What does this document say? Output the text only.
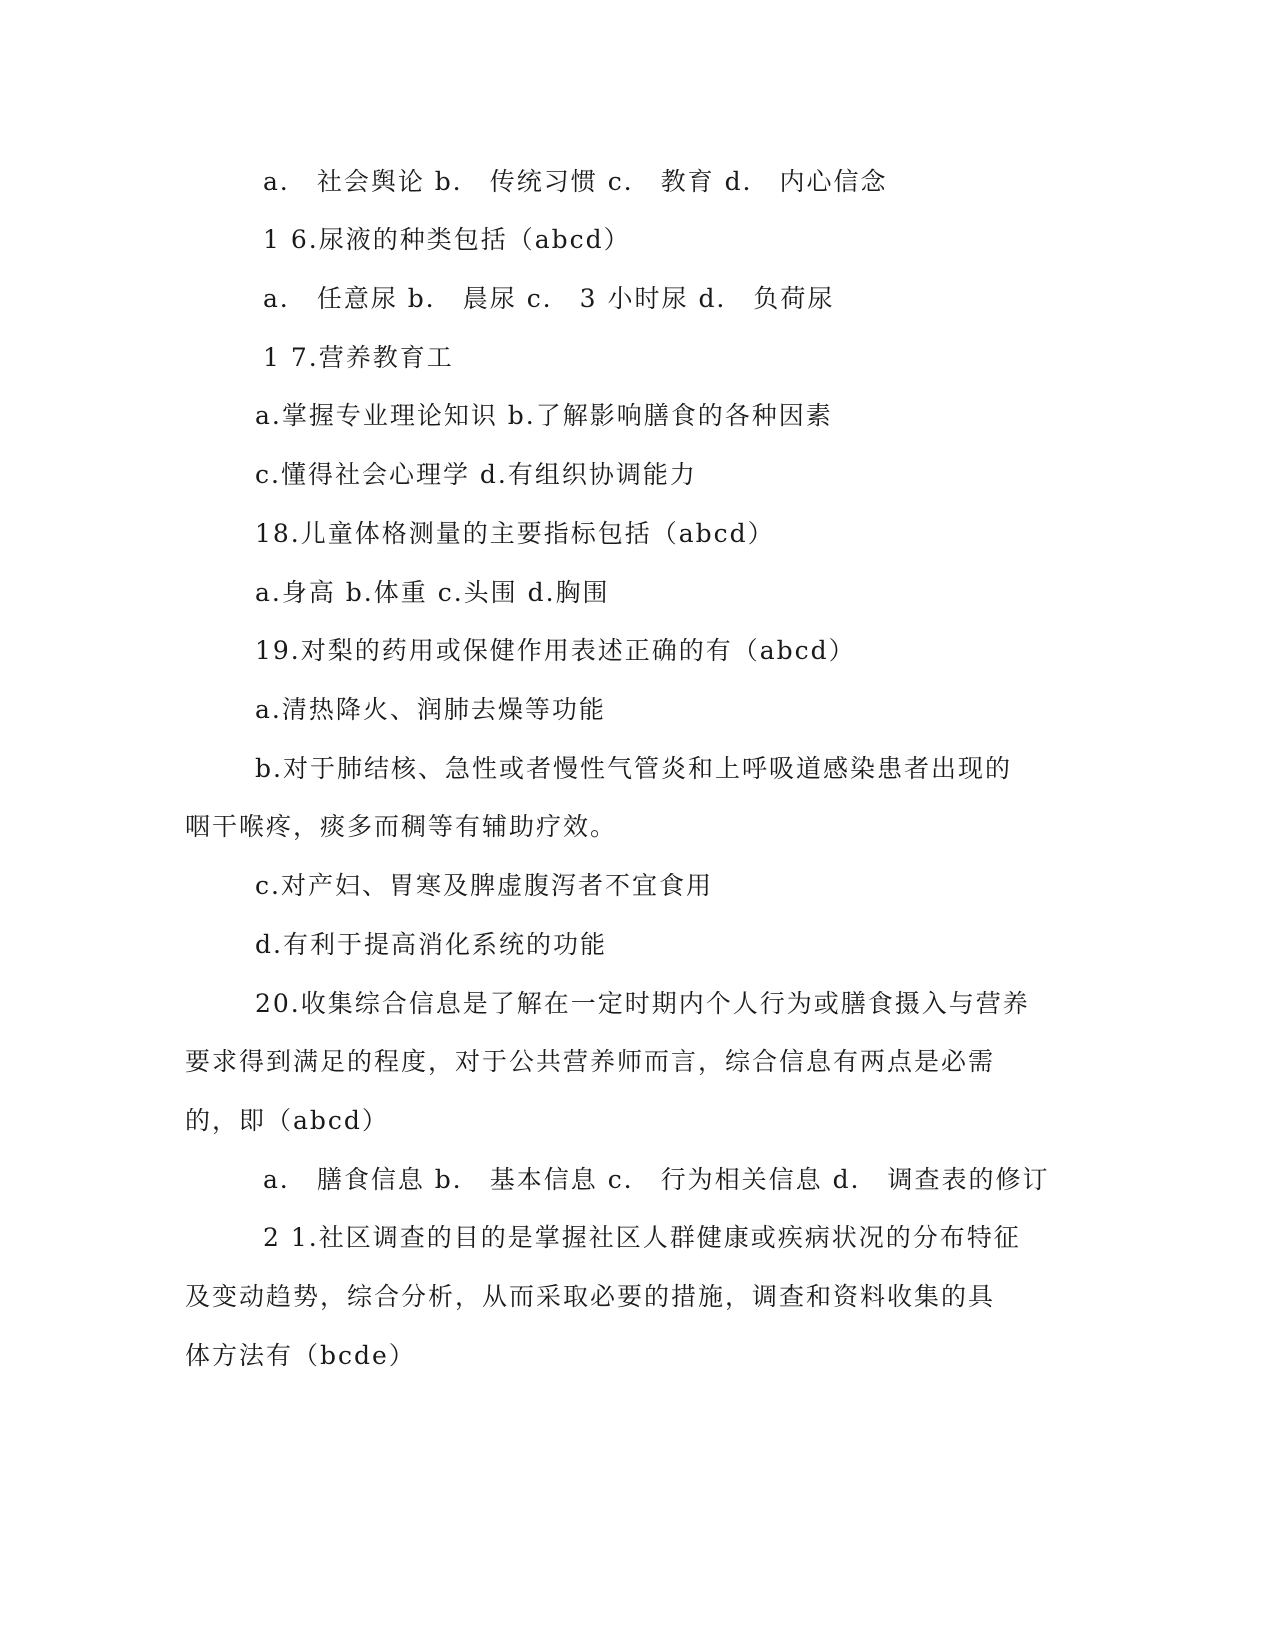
a． 社会舆论 b． 传统习惯 c． 教育 d． 内心信念
1 6.尿液的种类包括（abcd）
a． 任意尿 b． 晨尿 c． 3 小时尿 d． 负荷尿
1 7.营养教育工
a.掌握专业理论知识 b.了解影响膳食的各种因素
c.懂得社会心理学 d.有组织协调能力
18.儿童体格测量的主要指标包括（abcd）
a.身高 b.体重 c.头围 d.胸围
19.对梨的药用或保健作用表述正确的有（abcd）
a.清热降火、润肺去燥等功能
b.对于肺结核、急性或者慢性气管炎和上呼吸道感染患者出现的
咽干喉疼，痰多而稠等有辅助疗效。
c.对产妇、胃寒及脾虚腹泻者不宜食用
d.有利于提高消化系统的功能
20.收集综合信息是了解在一定时期内个人行为或膳食摄入与营养
要求得到满足的程度，对于公共营养师而言，综合信息有两点是必需
的，即（abcd）
a． 膳食信息 b． 基本信息 c． 行为相关信息 d． 调查表的修订
2 1.社区调查的目的是掌握社区人群健康或疾病状况的分布特征
及变动趋势，综合分析，从而采取必要的措施，调查和资料收集的具
体方法有（bcde）
